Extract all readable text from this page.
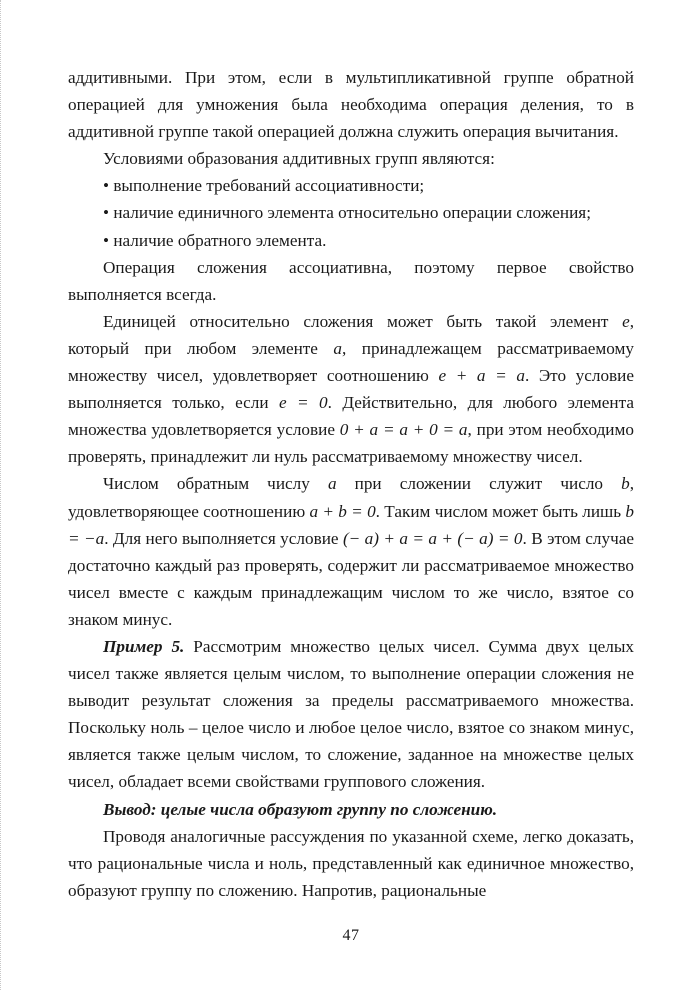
аддитивными. При этом, если в мультипликативной группе обратной операцией для умножения была необходима операция деления, то в аддитивной группе такой операцией должна служить операция вычитания.

Условиями образования аддитивных групп являются:

• выполнение требований ассоциативности;

• наличие единичного элемента относительно операции сложения;

• наличие обратного элемента.

Операция сложения ассоциативна, поэтому первое свойство выполняется всегда.

Единицей относительно сложения может быть такой элемент e, который при любом элементе a, принадлежащем рассматриваемому множеству чисел, удовлетворяет соотношению e + a = a. Это условие выполняется только, если e = 0. Действительно, для любого элемента множества удовлетворяется условие 0 + a = a + 0 = a, при этом необходимо проверять, принадлежит ли нуль рассматриваемому множеству чисел.

Числом обратным числу a при сложении служит число b, удовлетворяющее соотношению a + b = 0. Таким числом может быть лишь b = −a. Для него выполняется условие (− a) + a = a + (− a) = 0. В этом случае достаточно каждый раз проверять, содержит ли рассматриваемое множество чисел вместе с каждым принадлежащим числом то же число, взятое со знаком минус.

Пример 5. Рассмотрим множество целых чисел. Сумма двух целых чисел также является целым числом, то выполнение операции сложения не выводит результат сложения за пределы рассматриваемого множества. Поскольку ноль – целое число и любое целое число, взятое со знаком минус, является также целым числом, то сложение, заданное на множестве целых чисел, обладает всеми свойствами группового сложения.

Вывод: целые числа образуют группу по сложению.

Проводя аналогичные рассуждения по указанной схеме, легко доказать, что рациональные числа и ноль, представленный как единичное множество, образуют группу по сложению. Напротив, рациональные

47
